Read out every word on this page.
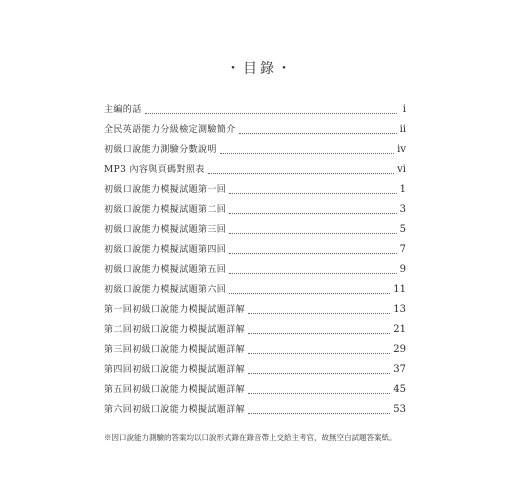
・目錄・
主編的話	i
全民英語能力分級檢定測驗簡介	ii
初級口說能力測驗分數說明	iv
MP3 內容與頁碼對照表	vi
初級口說能力模擬試題第一回	1
初級口說能力模擬試題第二回	3
初級口說能力模擬試題第三回	5
初級口說能力模擬試題第四回	7
初級口說能力模擬試題第五回	9
初級口說能力模擬試題第六回	11
第一回初級口說能力模擬試題詳解	13
第二回初級口說能力模擬試題詳解	21
第三回初級口說能力模擬試題詳解	29
第四回初級口說能力模擬試題詳解	37
第五回初級口說能力模擬試題詳解	45
第六回初級口說能力模擬試題詳解	53
※因口說能力測驗的答案均以口說形式錄在錄音帶上交給主考官，故無空白試題答案紙。
